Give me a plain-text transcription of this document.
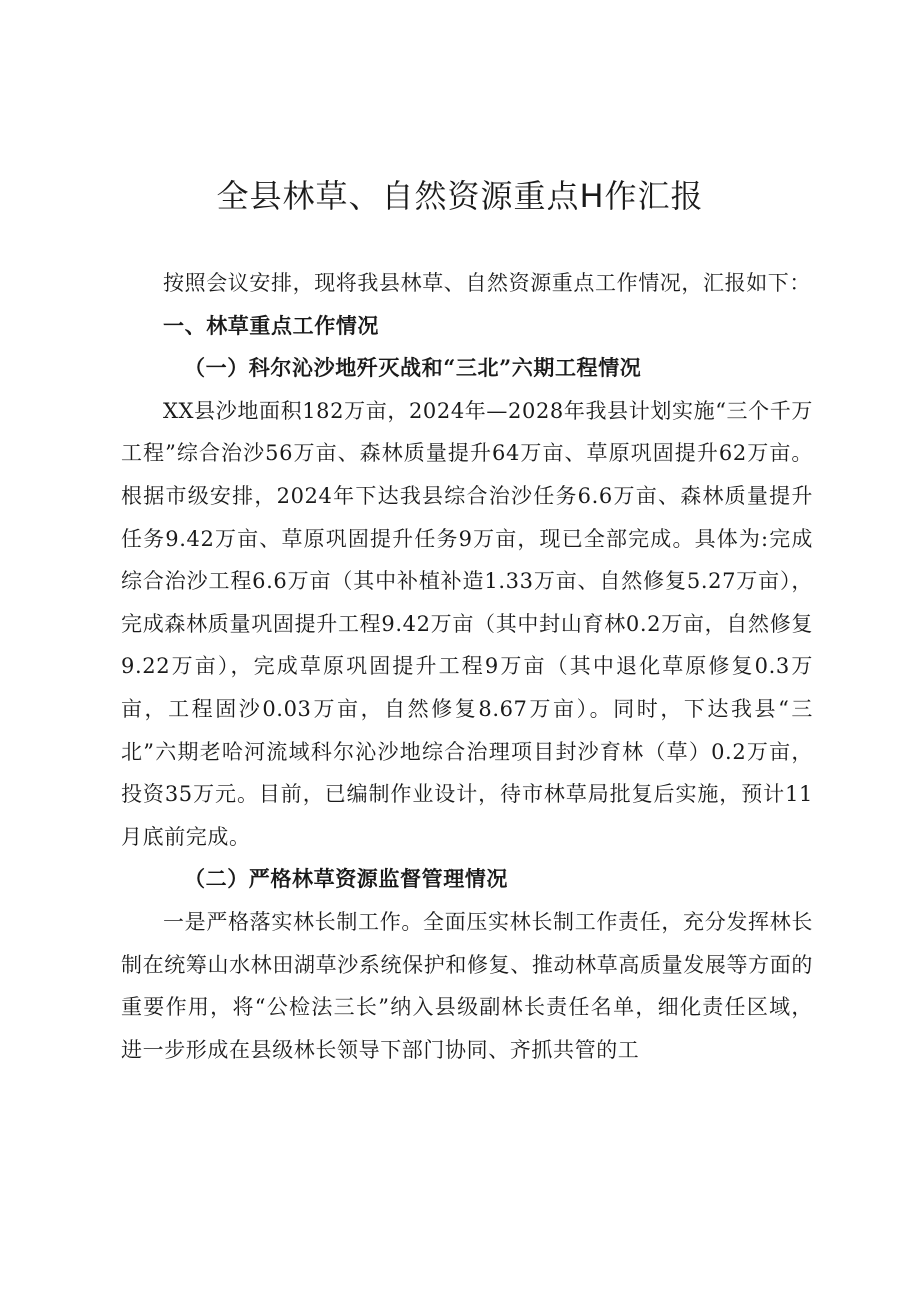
全县林草、自然资源重点H作汇报

按照会议安排，现将我县林草、自然资源重点工作情况，汇报如下：

一、林草重点工作情况
（一）科尔沁沙地歼灭战和“三北”六期工程情况

XX县沙地面积182万亩，2024年—2028年我县计划实施“三个千万工程”综合治沙56万亩、森林质量提升64万亩、草原巩固提升62万亩。根据市级安排，2024年下达我县综合治沙任务6.6万亩、森林质量提升任务9.42万亩、草原巩固提升任务9万亩，现已全部完成。具体为:完成综合治沙工程6.6万亩（其中补植补造1.33万亩、自然修复5.27万亩），完成森林质量巩固提升工程9.42万亩（其中封山育林0.2万亩，自然修复9.22万亩），完成草原巩固提升工程9万亩（其中退化草原修复0.3万亩，工程固沙0.03万亩，自然修复8.67万亩）。同时，下达我县“三北”六期老哈河流域科尔沁沙地综合治理项目封沙育林（草）0.2万亩，投资35万元。目前，已编制作业设计，待市林草局批复后实施，预计11月底前完成。

（二）严格林草资源监督管理情况

一是严格落实林长制工作。全面压实林长制工作责任，充分发挥林长制在统筹山水林田湖草沙系统保护和修复、推动林草高质量发展等方面的重要作用，将“公检法三长”纳入县级副林长责任名单，细化责任区域，进一步形成在县级林长领导下部门协同、齐抓共管的工
